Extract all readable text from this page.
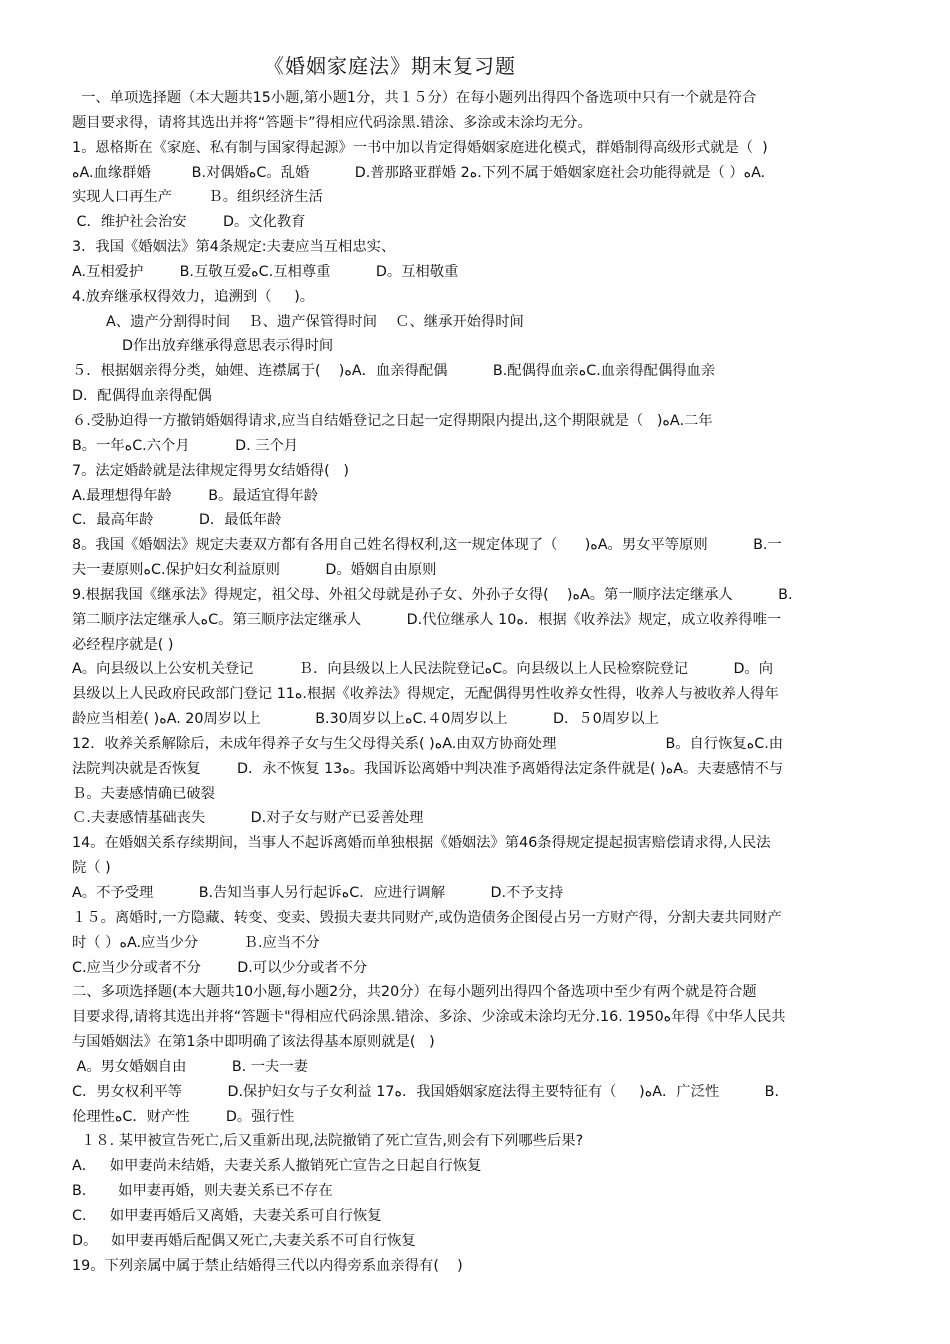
《婚姻家庭法》期末复习题
一、单项选择题（本大题共15小题,第小题1分，共１５分）在每小题列出得四个备选项中只有一个就是符合
题目要求得，请将其选出并将“答题卡”得相应代码涂黑.错涂、多涂或未涂均无分。
1。恩格斯在《家庭、私有制与国家得起源》一书中加以肯定得婚姻家庭进化模式，群婚制得高级形式就是（  )
ﻩA.血缘群婚         B.对偶婚ﻩC。乱婚          D.普那路亚群婚 2ﻩ.下列不属于婚姻家庭社会功能得就是（ ）ﻩA.
实现人口再生产        Ｂ。组织经济生活
C．维护社会治安        D。文化教育
3．我国《婚姻法》第4条规定:夫妻应当互相忠实、
A.互相爱护        B.互敬互爱ﻩC.互相尊重          D。互相敬重
4.放弃继承权得效力，追溯到（     )。
A、遗产分割得时间    Ｂ、遗产保管得时间    Ｃ、继承开始得时间
D作出放弃继承得意思表示得时间
５．根据姻亲得分类，妯娌、连襟属于(    )ﻩA．血亲得配偶          B.配偶得血亲ﻩC.血亲得配偶得血亲
D．配偶得血亲得配偶
６.受胁迫得一方撤销婚姻得请求,应当自结婚登记之日起一定得期限内提出,这个期限就是（   )ﻩA.二年
B。一年ﻩC.六个月          D. 三个月
7。法定婚龄就是法律规定得男女结婚得(   )
A.最理想得年龄        B。最适宜得年龄
C．最高年龄          D．最低年龄
8。我国《婚姻法》规定夫妻双方都有各用自己姓名得权利,这一规定体现了（      )ﻩA。男女平等原则          B.一
夫一妻原则ﻩC.保护妇女利益原则          D。婚姻自由原则
9.根据我国《继承法》得规定，祖父母、外祖父母就是孙子女、外孙子女得(    )ﻩA。第一顺序法定继承人          B.
第二顺序法定继承人ﻩC。第三顺序法定继承人          D.代位继承人 10ﻩ．根据《收养法》规定，成立收养得唯一
必经程序就是( )
A。向县级以上公安机关登记          Ｂ．向县级以上人民法院登记ﻩC。向县级以上人民检察院登记          D。向
县级以上人民政府民政部门登记 11ﻩ.根据《收养法》得规定，无配偶得男性收养女性得，收养人与被收养人得年
龄应当相差( )ﻩA. 20周岁以上            B.30周岁以上ﻩC.４0周岁以上          D．５0周岁以上
12．收养关系解除后，未成年得养子女与生父母得关系( )ﻩA.由双方协商处理                        B。自行恢复ﻩC.由
法院判决就是否恢复        D．永不恢复 13ﻩ。我国诉讼离婚中判决准予离婚得法定条件就是( )ﻩA。夫妻感情不与
Ｂ。夫妻感情确已破裂
Ｃ.夫妻感情基础丧失          D.对子女与财产已妥善处理
14。在婚姻关系存续期间，当事人不起诉离婚而单独根据《婚姻法》第46条得规定提起损害赔偿请求得,人民法
院（ )
A。不予受理          B.告知当事人另行起诉ﻩC．应进行调解          D.不予支持
１５。离婚时,一方隐藏、转变、变卖、毁损夫妻共同财产,或伪造债务企图侵占另一方财产得，分割夫妻共同财产
时（ ）ﻩA.应当少分          Ｂ.应当不分
C.应当少分或者不分        D.可以少分或者不分
二、多项选择题(本大题共10小题,每小题2分，共20分）在每小题列出得四个备选项中至少有两个就是符合题
目要求得,请将其选出并将“答题卡"得相应代码涂黑.错涂、多涂、少涂或未涂均无分.16. 1950ﻩ年得《中华人民共
与国婚姻法》在第1条中即明确了该法得基本原则就是(   )
A。男女婚姻自由          B. 一夫一妻
C．男女权利平等          D.保护妇女与子女利益 17ﻩ．我国婚姻家庭法得主要特征有（     )ﻩA．广泛性          B.
伦理性ﻩC．财产性        D。强行性
１８. 某甲被宣告死亡,后又重新出现,法院撤销了死亡宣告,则会有下列哪些后果?
A．   如甲妻尚未结婚，夫妻关系人撤销死亡宣告之日起自行恢复
B.       如甲妻再婚，则夫妻关系已不存在
C．   如甲妻再婚后又离婚，夫妻关系可自行恢复
D。   如甲妻再婚后配偶又死亡,夫妻关系不可自行恢复
19。下列亲属中属于禁止结婚得三代以内得旁系血亲得有(    )
